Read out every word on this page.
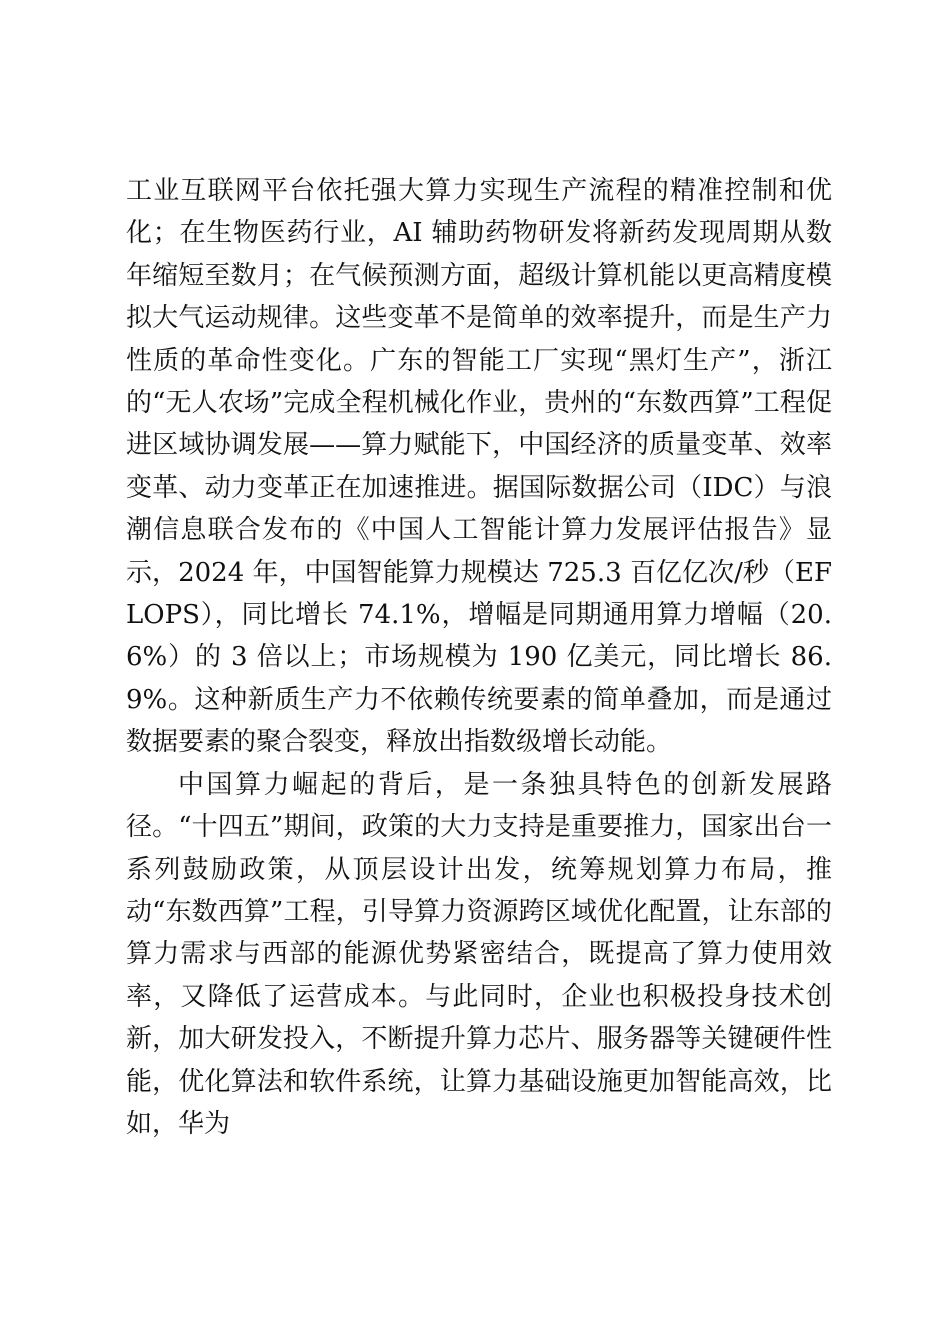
工业互联网平台依托强大算力实现生产流程的精准控制和优化；在生物医药行业，AI 辅助药物研发将新药发现周期从数年缩短至数月；在气候预测方面，超级计算机能以更高精度模拟大气运动规律。这些变革不是简单的效率提升，而是生产力性质的革命性变化。广东的智能工厂实现“黑灯生产”，浙江的“无人农场”完成全程机械化作业，贵州的“东数西算”工程促进区域协调发展——算力赋能下，中国经济的质量变革、效率变革、动力变革正在加速推进。据国际数据公司（IDC）与浪潮信息联合发布的《中国人工智能计算力发展评估报告》显示，2024 年，中国智能算力规模达 725.3 百亿亿次/秒（EFLOPS），同比增长 74.1%，增幅是同期通用算力增幅（20.6%）的 3 倍以上；市场规模为 190 亿美元，同比增长 86.9%。这种新质生产力不依赖传统要素的简单叠加，而是通过数据要素的聚合裂变，释放出指数级增长动能。

中国算力崛起的背后，是一条独具特色的创新发展路径。“十四五”期间，政策的大力支持是重要推力，国家出台一系列鼓励政策，从顶层设计出发，统筹规划算力布局，推动“东数西算”工程，引导算力资源跨区域优化配置，让东部的算力需求与西部的能源优势紧密结合，既提高了算力使用效率，又降低了运营成本。与此同时，企业也积极投身技术创新，加大研发投入，不断提升算力芯片、服务器等关键硬件性能，优化算法和软件系统，让算力基础设施更加智能高效，比如，华为
